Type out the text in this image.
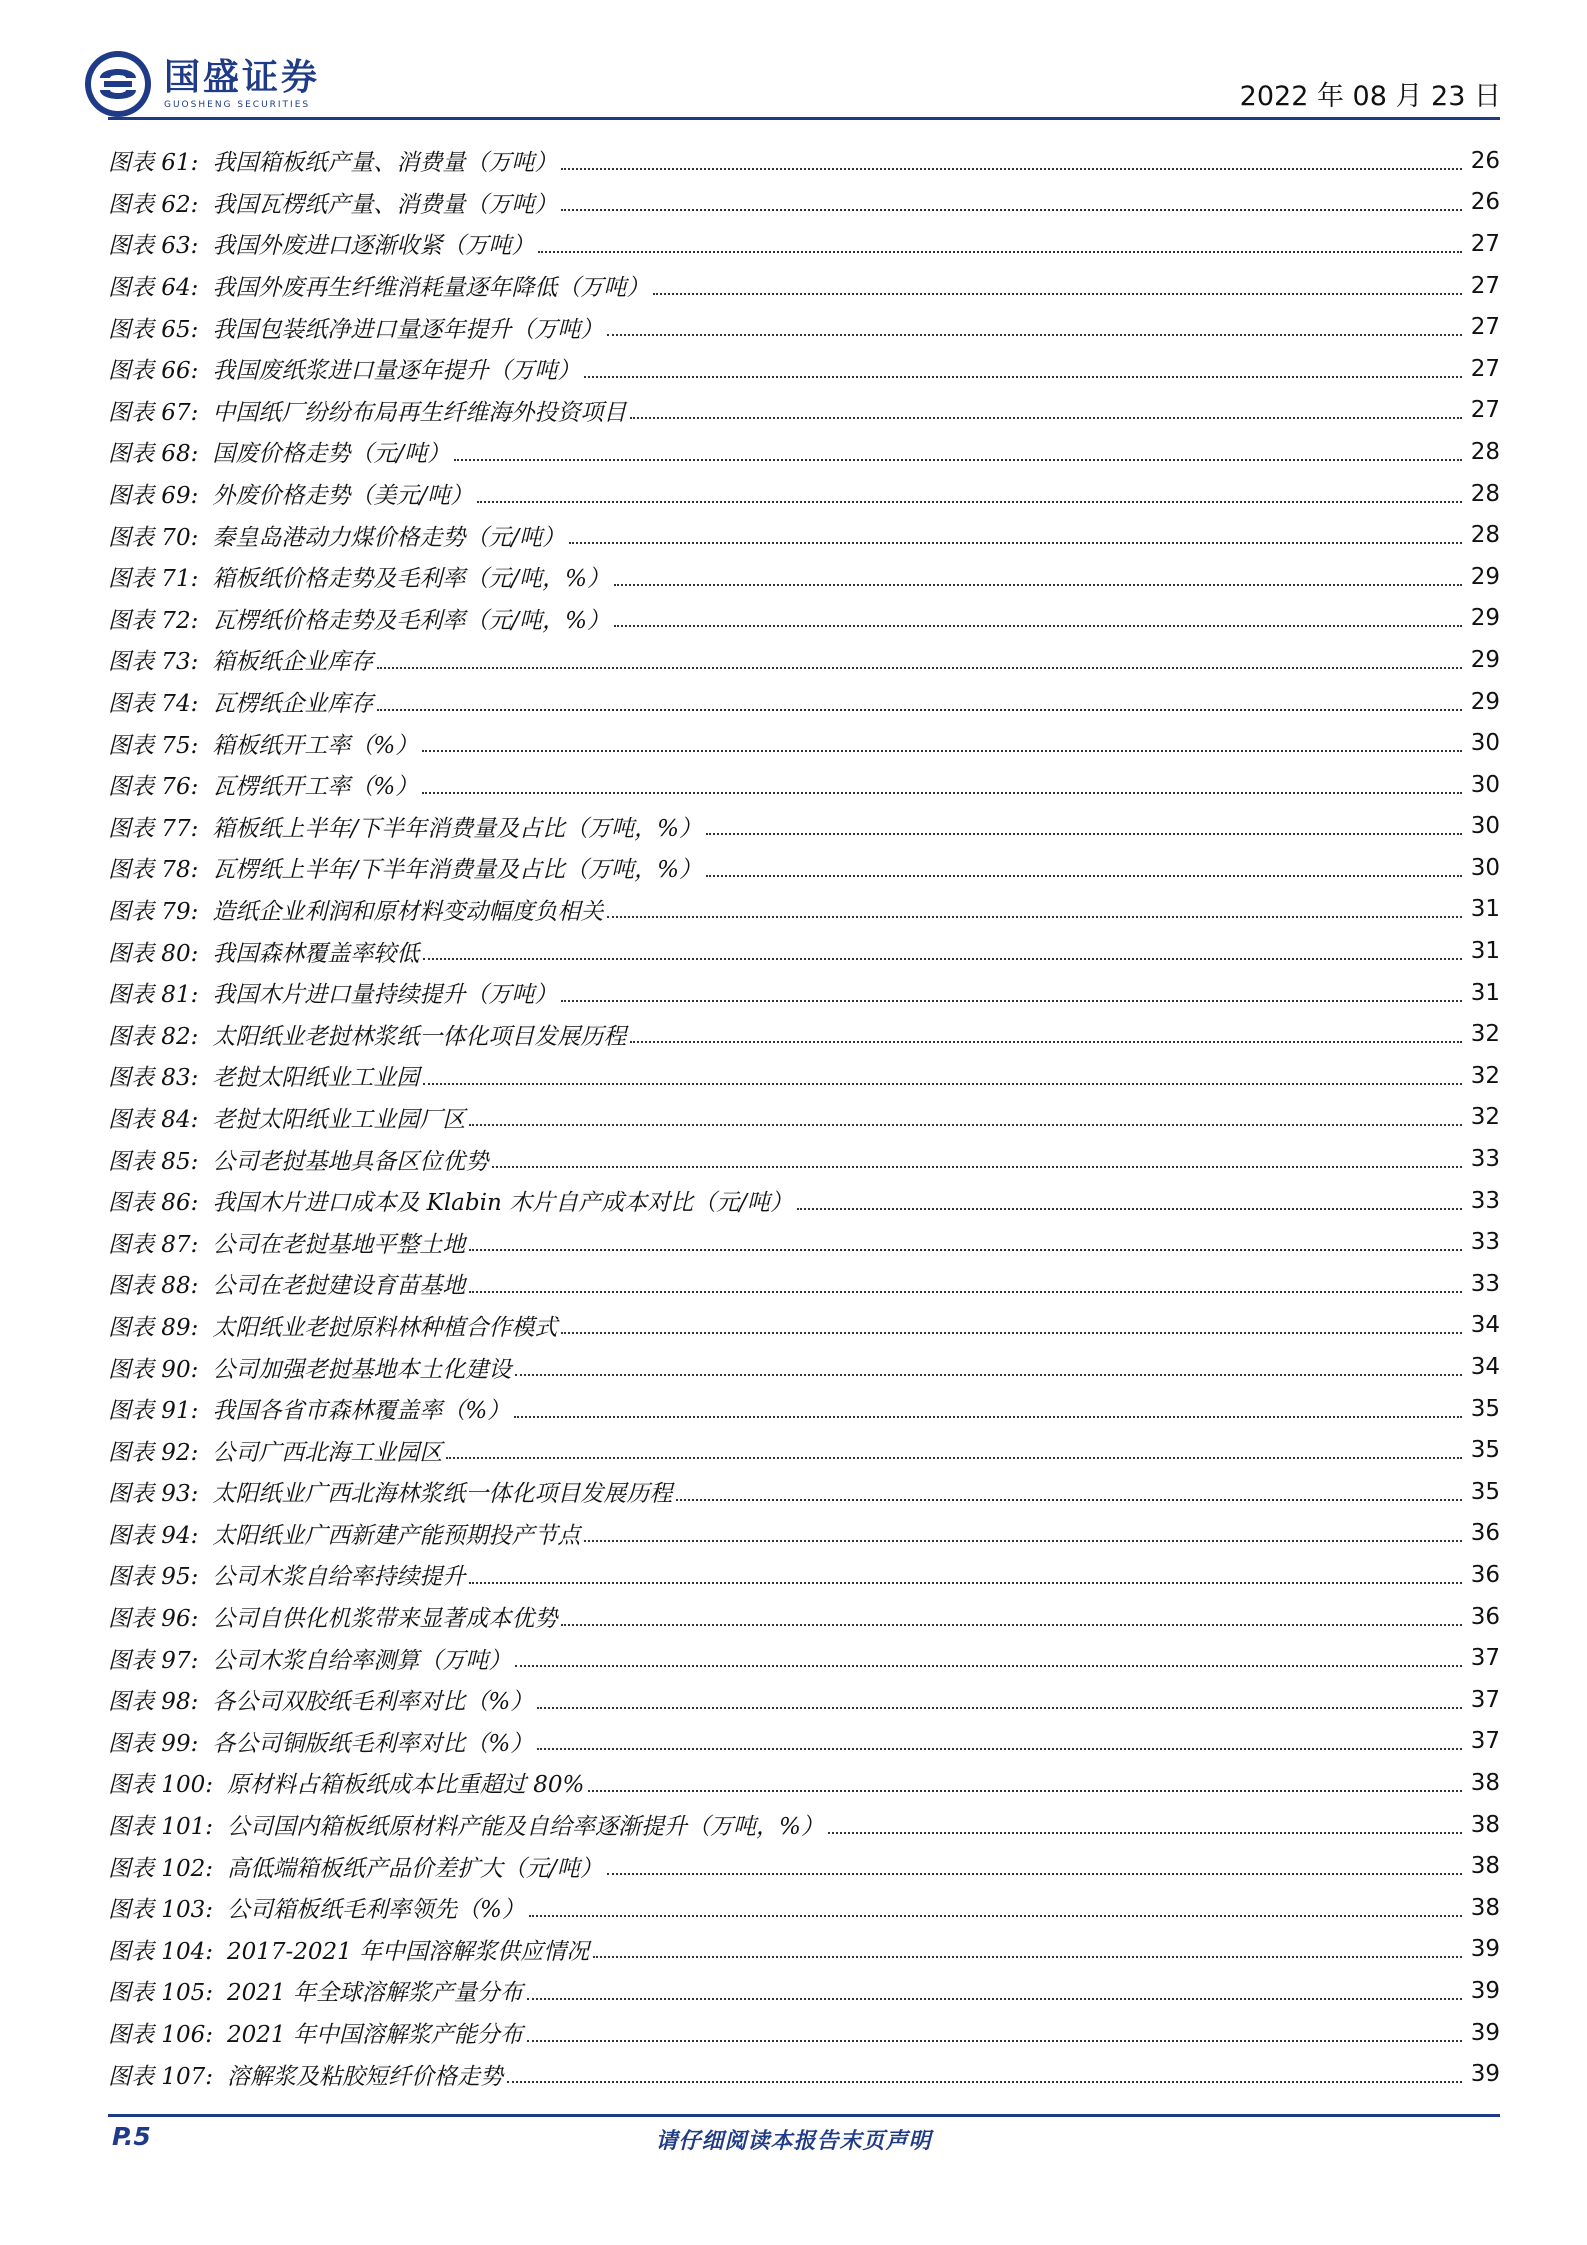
国盛证券
GUOSHENG SECURITIES	2022 年 08 月 23 日
图表 61: 我国箱板纸产量、消费量（万吨）	26
图表 62: 我国瓦楞纸产量、消费量（万吨）	26
图表 63: 我国外废进口逐渐收紧（万吨）	27
图表 64: 我国外废再生纤维消耗量逐年降低（万吨）	27
图表 65: 我国包装纸净进口量逐年提升（万吨）	27
图表 66: 我国废纸浆进口量逐年提升（万吨）	27
图表 67: 中国纸厂纷纷布局再生纤维海外投资项目	27
图表 68: 国废价格走势（元/吨）	28
图表 69: 外废价格走势（美元/吨）	28
图表 70: 秦皇岛港动力煤价格走势（元/吨）	28
图表 71: 箱板纸价格走势及毛利率（元/吨，%）	29
图表 72: 瓦楞纸价格走势及毛利率（元/吨，%）	29
图表 73: 箱板纸企业库存	29
图表 74: 瓦楞纸企业库存	29
图表 75: 箱板纸开工率（%）	30
图表 76: 瓦楞纸开工率（%）	30
图表 77: 箱板纸上半年/下半年消费量及占比（万吨，%）	30
图表 78: 瓦楞纸上半年/下半年消费量及占比（万吨，%）	30
图表 79: 造纸企业利润和原材料变动幅度负相关	31
图表 80: 我国森林覆盖率较低	31
图表 81: 我国木片进口量持续提升（万吨）	31
图表 82: 太阳纸业老挝林浆纸一体化项目发展历程	32
图表 83: 老挝太阳纸业工业园	32
图表 84: 老挝太阳纸业工业园厂区	32
图表 85: 公司老挝基地具备区位优势	33
图表 86: 我国木片进口成本及 Klabin 木片自产成本对比（元/吨）	33
图表 87: 公司在老挝基地平整土地	33
图表 88: 公司在老挝建设育苗基地	33
图表 89: 太阳纸业老挝原料林种植合作模式	34
图表 90: 公司加强老挝基地本土化建设	34
图表 91: 我国各省市森林覆盖率（%）	35
图表 92: 公司广西北海工业园区	35
图表 93: 太阳纸业广西北海林浆纸一体化项目发展历程	35
图表 94: 太阳纸业广西新建产能预期投产节点	36
图表 95: 公司木浆自给率持续提升	36
图表 96: 公司自供化机浆带来显著成本优势	36
图表 97: 公司木浆自给率测算（万吨）	37
图表 98: 各公司双胶纸毛利率对比（%）	37
图表 99: 各公司铜版纸毛利率对比（%）	37
图表 100: 原材料占箱板纸成本比重超过 80%	38
图表 101: 公司国内箱板纸原材料产能及自给率逐渐提升（万吨，%）	38
图表 102: 高低端箱板纸产品价差扩大（元/吨）	38
图表 103: 公司箱板纸毛利率领先（%）	38
图表 104: 2017-2021 年中国溶解浆供应情况	39
图表 105: 2021 年全球溶解浆产量分布	39
图表 106: 2021 年中国溶解浆产能分布	39
图表 107: 溶解浆及粘胶短纤价格走势	39
P.5	请仔细阅读本报告末页声明
